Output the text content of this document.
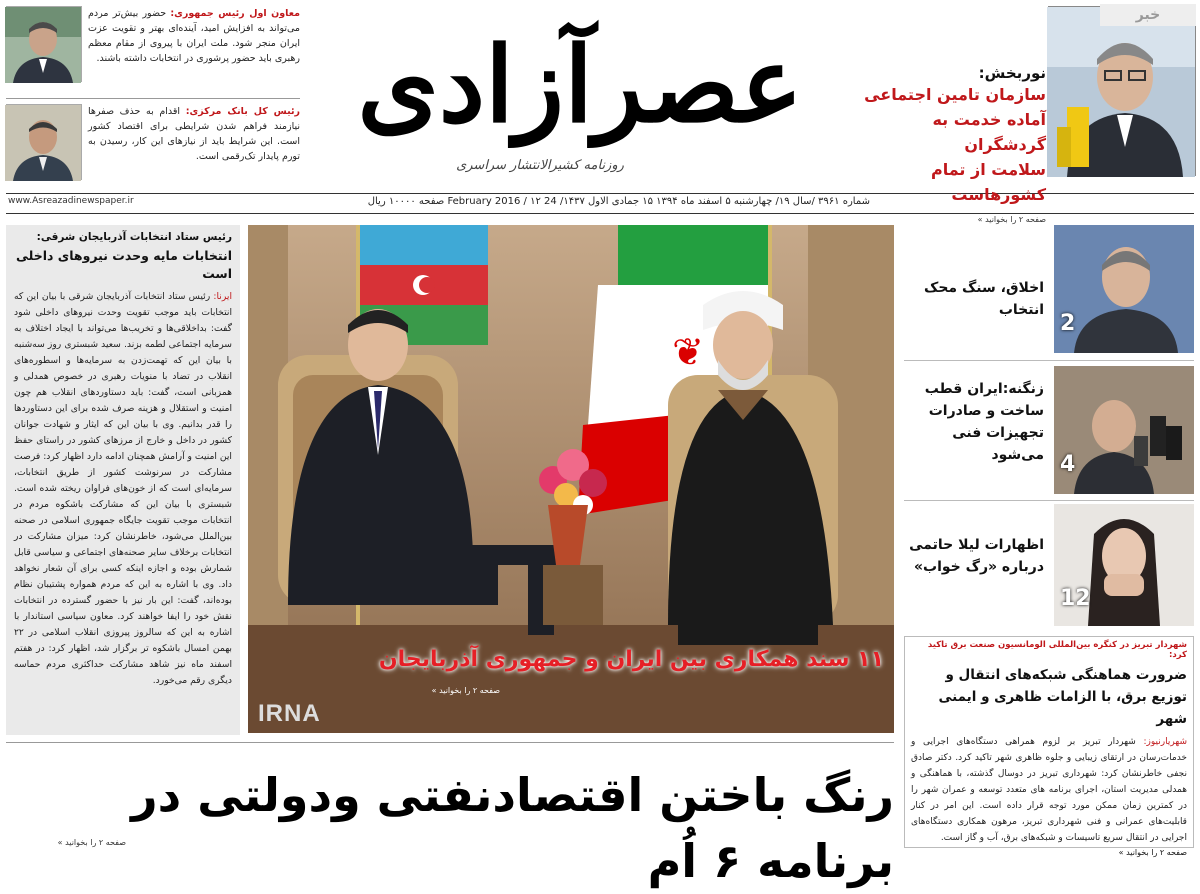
عصرآزادی
روزنامه کشیرالانتشار سراسری
شماره ۳۹۶۱ /سال ۱۹/ چهارشنبه ۵ اسفند ماه ۱۳۹۴ ۱۵ جمادی الاول ۱۴۳۷/ 24 February 2016 / ۱۲ صفحه ۱۰۰۰۰ ریال
www.Asreazadinewspaper.ir
معاون اول رئیس جمهوری: حضور بیش‌تر مردم می‌تواند به افزایش امید، آینده‌ای بهتر و تقویت عزت ایران منجر شود. ملت ایران با پیروی از مقام معظم رهبری باید حضور پرشوری در انتخابات داشته باشند.
رئیس کل بانک مرکزی: اقدام به حذف صفرها نیازمند فراهم شدن شرایطی برای اقتصاد کشور است. این شرایط باید از نیازهای این کار، رسیدن به تورم پایدار تک‌رقمی است.
خبر
نوربخش:
سازمان تامین اجتماعی
آماده خدمت به گردشگران
سلامت از تمام کشورهاست
صفحه ۲ را بخوانید »
رئیس ستاد انتخابات آذربایجان شرقی:
انتخابات مایه وحدت نیروهای داخلی است
ایرنا: رئیس ستاد انتخابات آذربایجان شرقی با بیان این که انتخابات باید موجب تقویت وحدت نیروهای داخلی شود گفت: بداخلاقی‌ها و تخریب‌ها می‌تواند با ایجاد اختلاف به سرمایه اجتماعی لطمه بزند. سعید شبستری روز سه‌شنبه با بیان این که تهمت‌زدن به سرمایه‌ها و اسطوره‌های انقلاب در تضاد با منویات رهبری در خصوص همدلی و همزبانی است، گفت: باید دستاوردهای انقلاب هم چون امنیت و استقلال و هزینه صرف شده برای این دستاوردها را قدر بدانیم. وی با بیان این که ایثار و شهادت جوانان کشور در داخل و خارج از مرزهای کشور در راستای حفظ این امنیت و آرامش همچنان ادامه دارد اظهار کرد: فرصت مشارکت در سرنوشت کشور از طریق انتخابات، سرمایه‌ای است که از خون‌های فراوان ریخته شده است. شبستری با بیان این که مشارکت باشکوه مردم در انتخابات موجب تقویت جایگاه جمهوری اسلامی در صحنه بین‌الملل می‌شود، خاطرنشان کرد: میزان مشارکت در انتخابات برخلاف سایر صحنه‌های اجتماعی و سیاسی قابل شمارش بوده و اجازه اینکه کسی برای آن شعار نخواهد داد. وی با اشاره به این که مردم همواره پشتیبان نظام بوده‌اند، گفت: این بار نیز با حضور گسترده در انتخابات نقش خود را ایفا خواهند کرد. معاون سیاسی استاندار با اشاره به این که سالروز پیروزی انقلاب اسلامی در ۲۲ بهمن امسال باشکوه تر برگزار شد، اظهار کرد: در هفتم اسفند ماه نیز شاهد مشارکت حداکثری مردم حماسه دیگری رقم می‌خورد.
❦
۱۱ سند همکاری بین ایران و جمهوری آذربایجان
صفحه ۲ را بخوانید »
IRNA
اخلاق، سنگ محک انتخاب
2
زنگنه:ایران قطب ساخت و صادرات تجهیزات فنی می‌شود 4
اظهارات لیلا حاتمی درباره «رگ خواب»
12
شهردار تبریز در کنگره بین‌المللی الومانسیون صنعت برق تاکید کرد:
ضرورت هماهنگی شبکه‌های انتقال و توزیع برق، با الزامات ظاهری و ایمنی شهر
شهریارنیوز: شهردار تبریز بر لزوم همراهی دستگاه‌های اجرایی و خدمات‌رسان در ارتقای زیبایی و جلوه ظاهری شهر تاکید کرد. دکتر صادق نجفی خاطرنشان کرد: شهرداری تبریز در دوسال گذشته، با هماهنگی و همدلی مدیریت استان، اجرای برنامه های متعدد توسعه و عمران شهر را در کمترین زمان ممکن مورد توجه قرار داده است. این امر در کنار قابلیت‌های عمرانی و فنی شهرداری تبریز، مرهون همکاری دستگاه‌های اجرایی در انتقال سریع تاسیسات و شبکه‌های برق، آب و گاز است.
صفحه ۲ را بخوانید »
رنگ باختن اقتصادنفتی ودولتی در برنامه ۶ اُم
صفحه ۲ را بخوانید »
